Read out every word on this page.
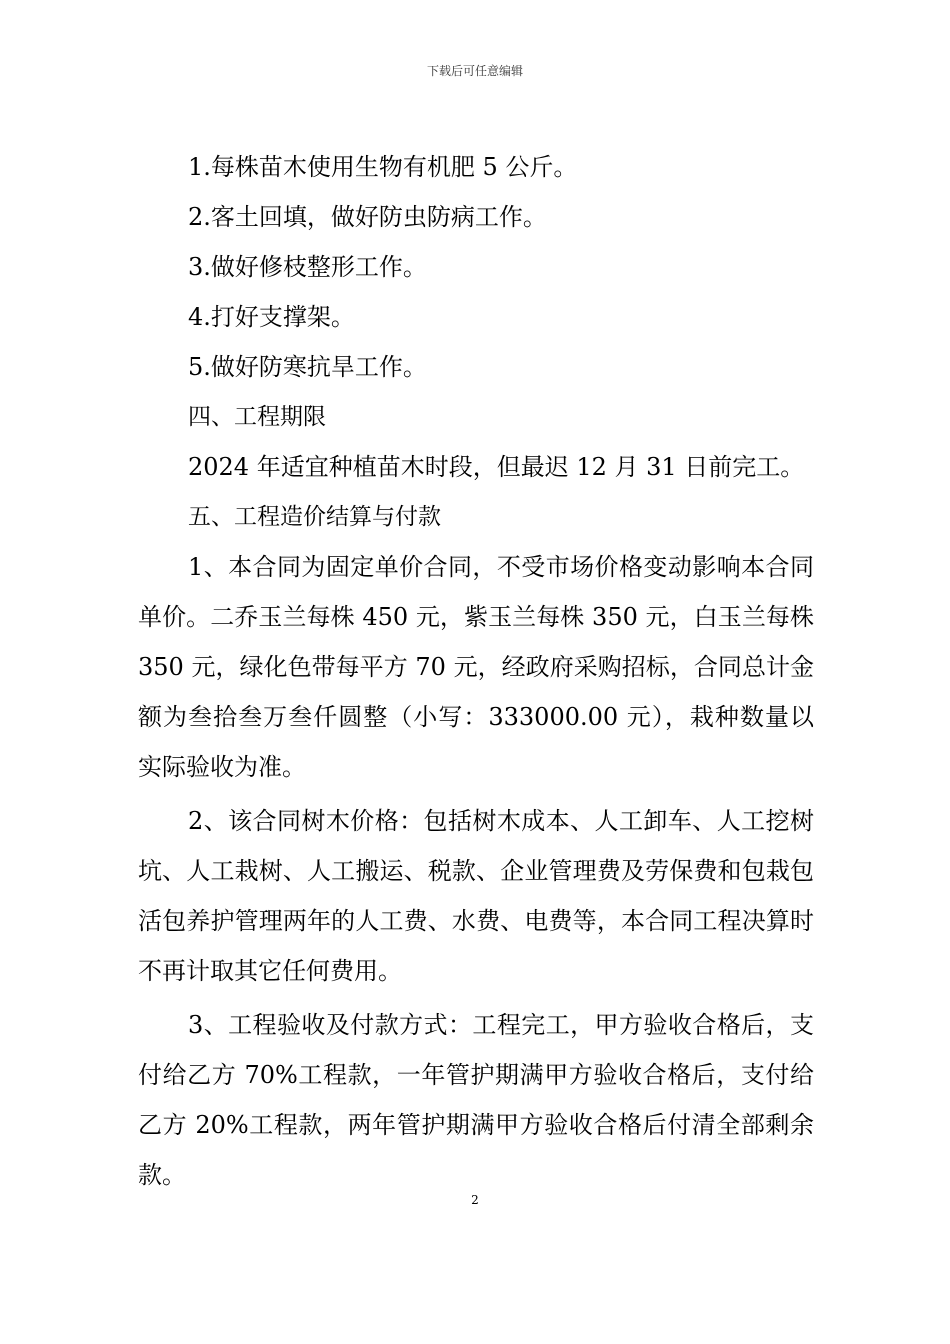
下载后可任意编辑
1.每株苗木使用生物有机肥 5 公斤。
2.客土回填，做好防虫防病工作。
3.做好修枝整形工作。
4.打好支撑架。
5.做好防寒抗旱工作。
四、工程期限
2024 年适宜种植苗木时段，但最迟 12 月 31 日前完工。
五、工程造价结算与付款

1、本合同为固定单价合同，不受市场价格变动影响本合同单价。二乔玉兰每株 450 元，紫玉兰每株 350 元，白玉兰每株 350 元，绿化色带每平方 70 元，经政府采购招标，合同总计金额为叁拾叁万叁仟圆整（小写：333000.00 元），栽种数量以实际验收为准。

2、该合同树木价格：包括树木成本、人工卸车、人工挖树坑、人工栽树、人工搬运、税款、企业管理费及劳保费和包栽包活包养护管理两年的人工费、水费、电费等，本合同工程决算时不再计取其它任何费用。

3、工程验收及付款方式：工程完工，甲方验收合格后，支付给乙方 70%工程款，一年管护期满甲方验收合格后，支付给乙方 20%工程款，两年管护期满甲方验收合格后付清全部剩余款。

2
